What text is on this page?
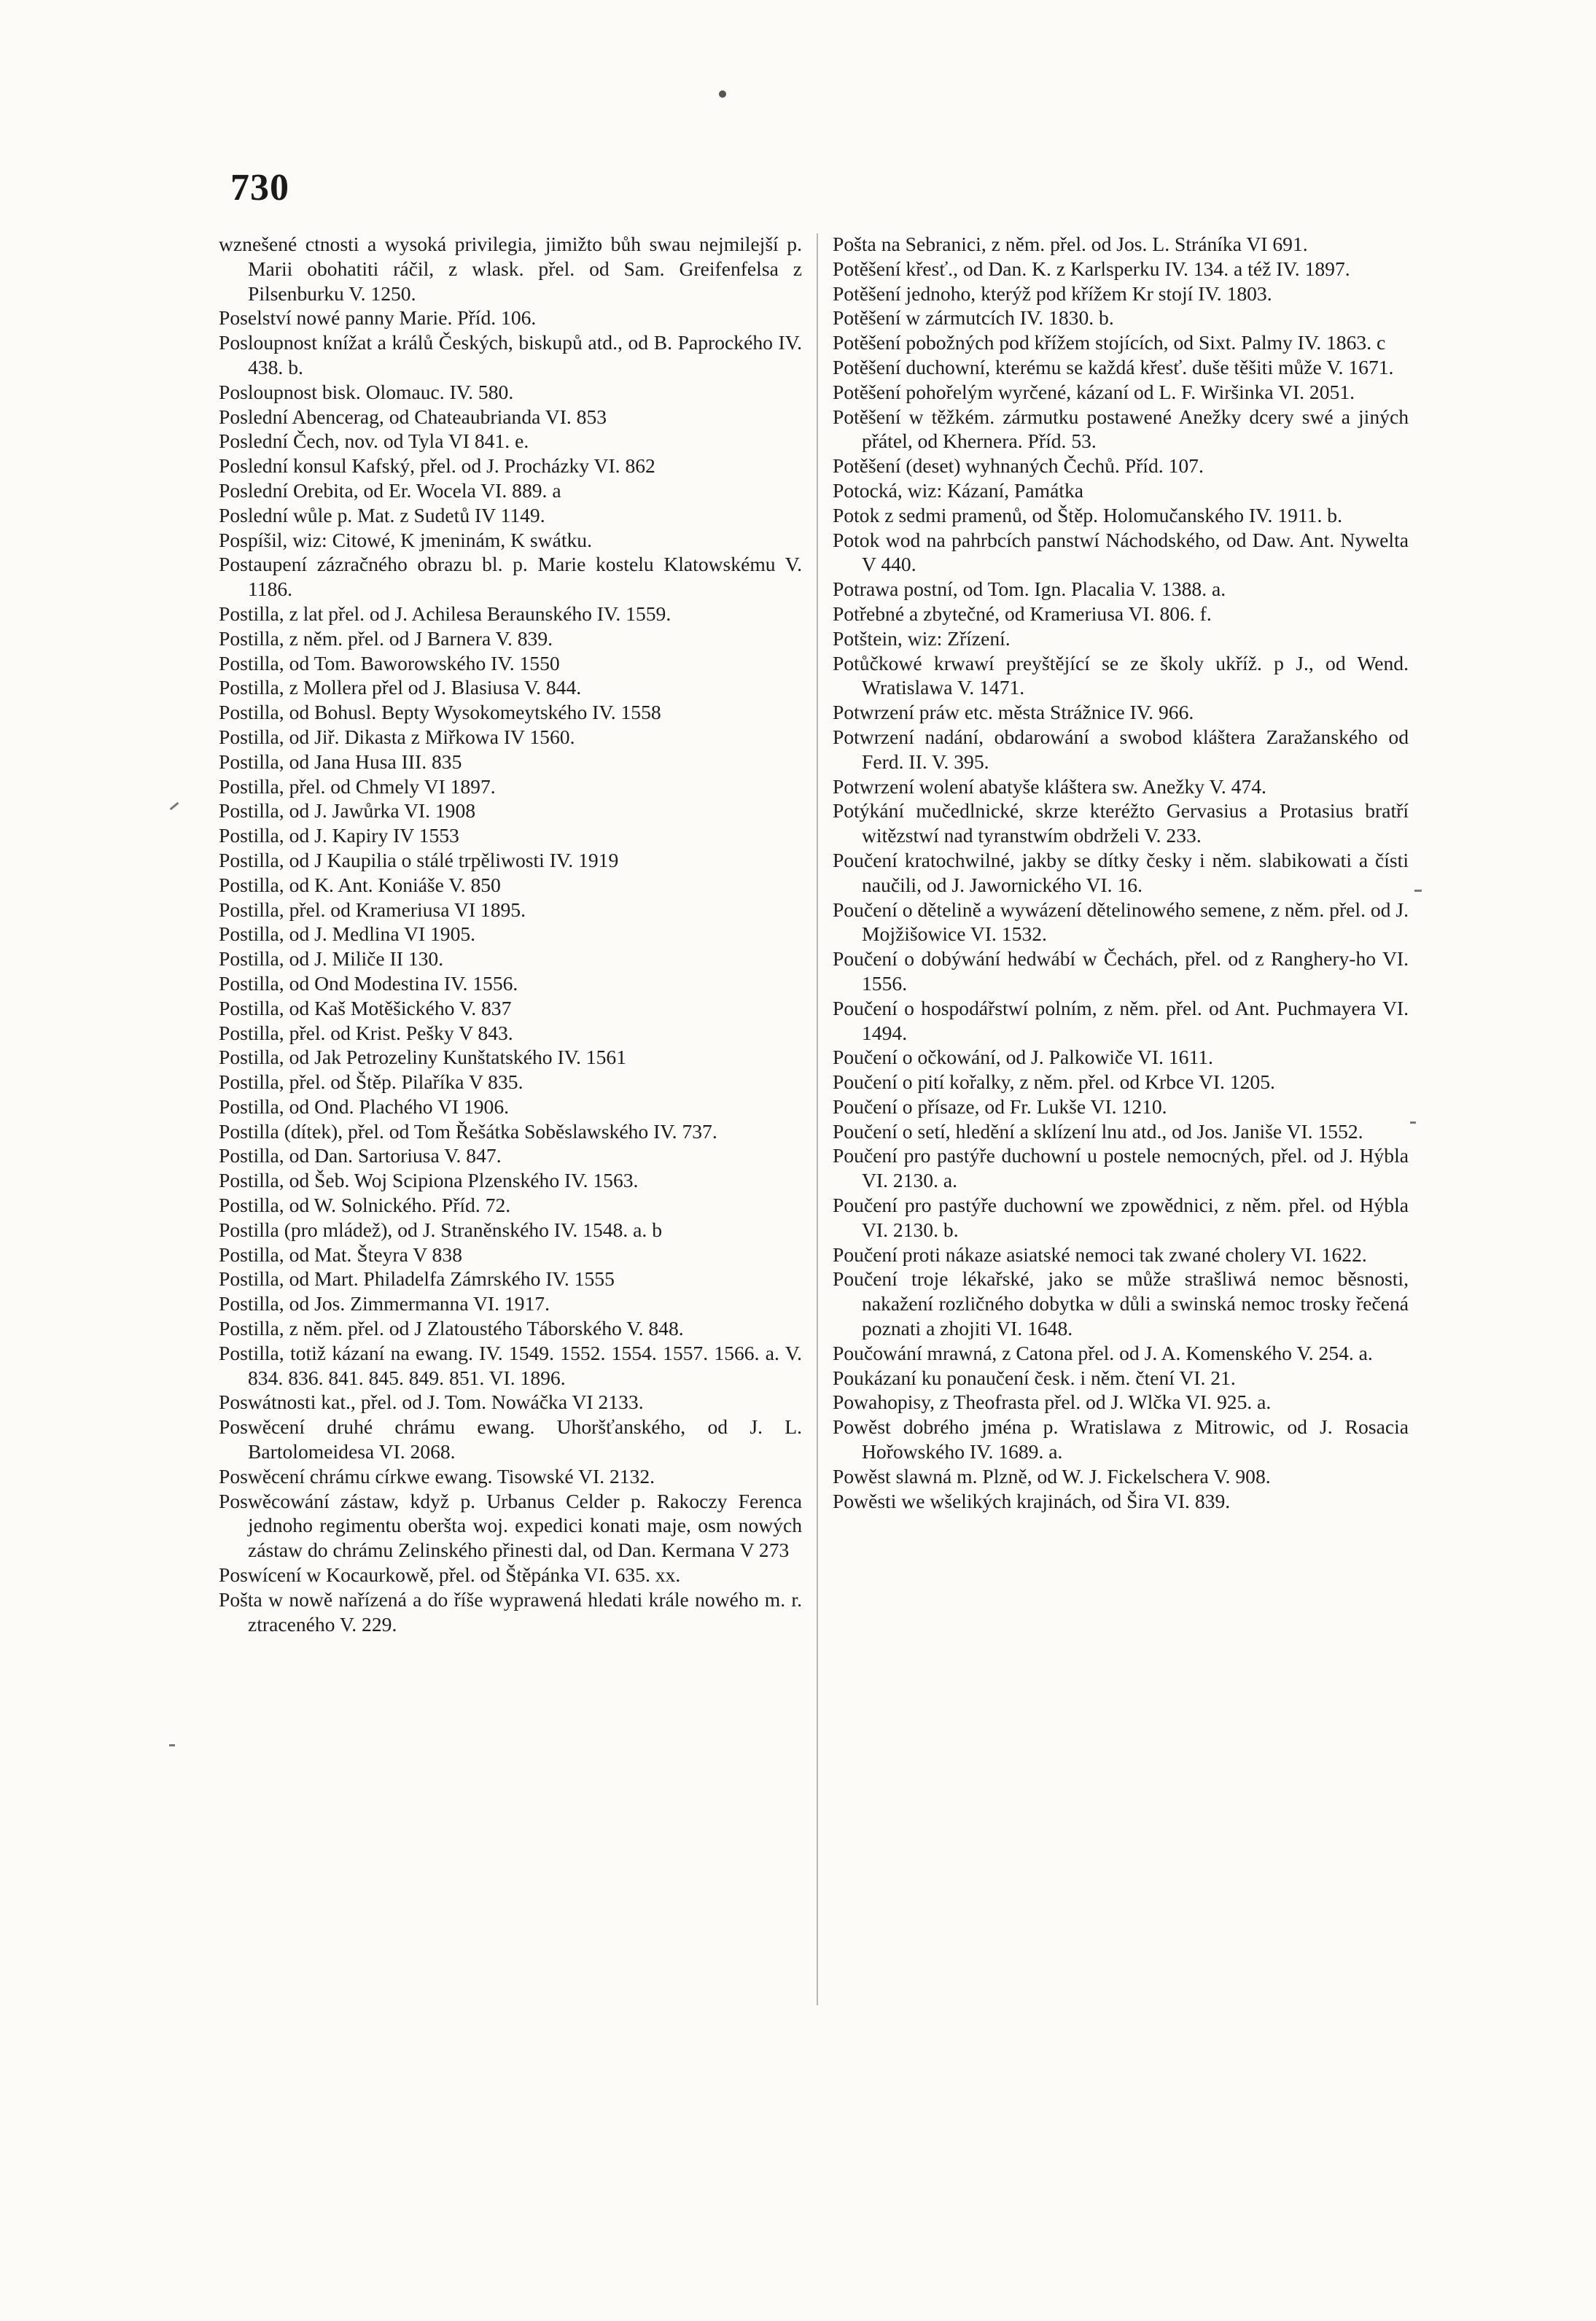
730

wznešené ctnosti a wysoká privilegia, jimižto bůh swau nejmilejší p. Marii obohatiti ráčil, z wlask. přel. od Sam. Greifenfelsa z Pilsenburku V. 1250.

Poselství nowé panny Marie. Příd. 106.

Posloupnost knížat a králů Českých, biskupů atd., od B. Paprockého IV. 438. b.

Posloupnost bisk. Olomauc. IV. 580.

Poslední Abencerag, od Chateaubrianda VI. 853

Poslední Čech, nov. od Tyla VI 841. e.

Poslední konsul Kafský, přel. od J. Procházky VI. 862

Poslední Orebita, od Er. Wocela VI. 889. a

Poslední wůle p. Mat. z Sudetů IV 1149.

Pospíšil, wiz: Citowé, K jmeninám, K swátku.

Postaupení zázračného obrazu bl. p. Marie kostelu Klatowskému V. 1186.

Postilla, z lat přel. od J. Achilesa Beraunského IV. 1559.

Postilla, z něm. přel. od J Barnera V. 839.

Postilla, od Tom. Baworowského IV. 1550

Postilla, z Mollera přel od J. Blasiusa V. 844.

Postilla, od Bohusl. Bepty Wysokomeytského IV. 1558

Postilla, od Jiř. Dikasta z Miřkowa IV 1560.

Postilla, od Jana Husa III. 835

Postilla, přel. od Chmely VI 1897.

Postilla, od J. Jawůrka VI. 1908

Postilla, od J. Kapiry IV 1553

Postilla, od J Kaupilia o stálé trpěliwosti IV. 1919

Postilla, od K. Ant. Koniáše V. 850

Postilla, přel. od Krameriusa VI 1895.

Postilla, od J. Medlina VI 1905.

Postilla, od J. Miliče II 130.

Postilla, od Ond Modestina IV. 1556.

Postilla, od Kaš Motěšického V. 837

Postilla, přel. od Krist. Pešky V 843.

Postilla, od Jak Petrozeliny Kunštatského IV. 1561

Postilla, přel. od Štěp. Pilaříka V 835.

Postilla, od Ond. Plachého VI 1906.

Postilla (dítek), přel. od Tom Řešátka Soběslawského IV. 737.

Postilla, od Dan. Sartoriusa V. 847.

Postilla, od Šeb. Woj Scipiona Plzenského IV. 1563.

Postilla, od W. Solnického. Příd. 72.

Postilla (pro mládež), od J. Straněnského IV. 1548. a. b

Postilla, od Mat. Šteyra V 838

Postilla, od Mart. Philadelfa Zámrského IV. 1555

Postilla, od Jos. Zimmermanna VI. 1917.

Postilla, z něm. přel. od J Zlatoustého Táborského V. 848.

Postilla, totiž kázaní na ewang. IV. 1549. 1552. 1554. 1557. 1566. a. V. 834. 836. 841. 845. 849. 851. VI. 1896.

Poswátnosti kat., přel. od J. Tom. Nowáčka VI 2133.

Poswěcení druhé chrámu ewang. Uhoršťanského, od J. L. Bartolomeidesa VI. 2068.

Poswěcení chrámu církwe ewang. Tisowské VI. 2132.

Poswěcowání zástaw, když p. Urbanus Celder p. Rakoczy Ferenca jednoho regimentu oberšta woj. expedici konati maje, osm nowých zástaw do chrámu Zelinského přinesti dal, od Dan. Kermana V 273

Poswícení w Kocaurkowě, přel. od Štěpánka VI. 635. xx.

Pošta w nowě nařízená a do říše wyprawená hledati krále nowého m. r. ztraceného V. 229.

Pošta na Sebranici, z něm. přel. od Jos. L. Stráníka VI 691.

Potěšení křesť., od Dan. K. z Karlsperku IV. 134. a též IV. 1897.

Potěšení jednoho, kterýž pod křížem Kr stojí IV. 1803.

Potěšení w zármutcích IV. 1830. b.

Potěšení pobožných pod křížem stojících, od Sixt. Palmy IV. 1863. c

Potěšení duchowní, kterému se každá křesť. duše těšiti může V. 1671.

Potěšení pohořelým wyrčené, kázaní od L. F. Wiršinka VI. 2051.

Potěšení w těžkém. zármutku postawené Anežky dcery swé a jiných přátel, od Khernera. Příd. 53.

Potěšení (deset) wyhnaných Čechů. Příd. 107.

Potocká, wiz: Kázaní, Památka

Potok z sedmi pramenů, od Štěp. Holomučanského IV. 1911. b.

Potok wod na pahrbcích panstwí Náchodského, od Daw. Ant. Nywelta V 440.

Potrawa postní, od Tom. Ign. Placalia V. 1388. a.

Potřebné a zbytečné, od Krameriusa VI. 806. f.

Potštein, wiz: Zřízení.

Potůčkowé krwawí preyštějící se ze školy ukříž. p J., od Wend. Wratislawa V. 1471.

Potwrzení práw etc. města Strážnice IV. 966.

Potwrzení nadání, obdarowání a swobod kláštera Zaražanského od Ferd. II. V. 395.

Potwrzení wolení abatyše kláštera sw. Anežky V. 474.

Potýkání mučedlnické, skrze kteréžto Gervasius a Protasius bratří witězstwí nad tyranstwím obdrželi V. 233.

Poučení kratochwilné, jakby se dítky česky i něm. slabikowati a čísti naučili, od J. Jawornického VI. 16.

Poučení o dětelině a wywázení dětelinowého semene, z něm. přel. od J. Mojžišowice VI. 1532.

Poučení o dobýwání hedwábí w Čechách, přel. od z Ranghery-ho VI. 1556.

Poučení o hospodářstwí polním, z něm. přel. od Ant. Puchmayera VI. 1494.

Poučení o očkowání, od J. Palkowiče VI. 1611.

Poučení o pití kořalky, z něm. přel. od Krbce VI. 1205.

Poučení o přísaze, od Fr. Lukše VI. 1210.

Poučení o setí, hledění a sklízení lnu atd., od Jos. Janiše VI. 1552.

Poučení pro pastýře duchowní u postele nemocných, přel. od J. Hýbla VI. 2130. a.

Poučení pro pastýře duchowní we zpowědnici, z něm. přel. od Hýbla VI. 2130. b.

Poučení proti nákaze asiatské nemoci tak zwané cholery VI. 1622.

Poučení troje lékařské, jako se může strašliwá nemoc běsnosti, nakažení rozličného dobytka w důli a swinská nemoc trosky řečená poznati a zhojiti VI. 1648.

Poučowání mrawná, z Catona přel. od J. A. Komenského V. 254. a.

Poukázaní ku ponaučení česk. i něm. čtení VI. 21.

Powahopisy, z Theofrasta přel. od J. Wlčka VI. 925. a.

Powěst dobrého jména p. Wratislawa z Mitrowic, od J. Rosacia Hořowského IV. 1689. a.

Powěst slawná m. Plzně, od W. J. Fickelschera V. 908.

Powěsti we wšelikých krajinách, od Šira VI. 839.
